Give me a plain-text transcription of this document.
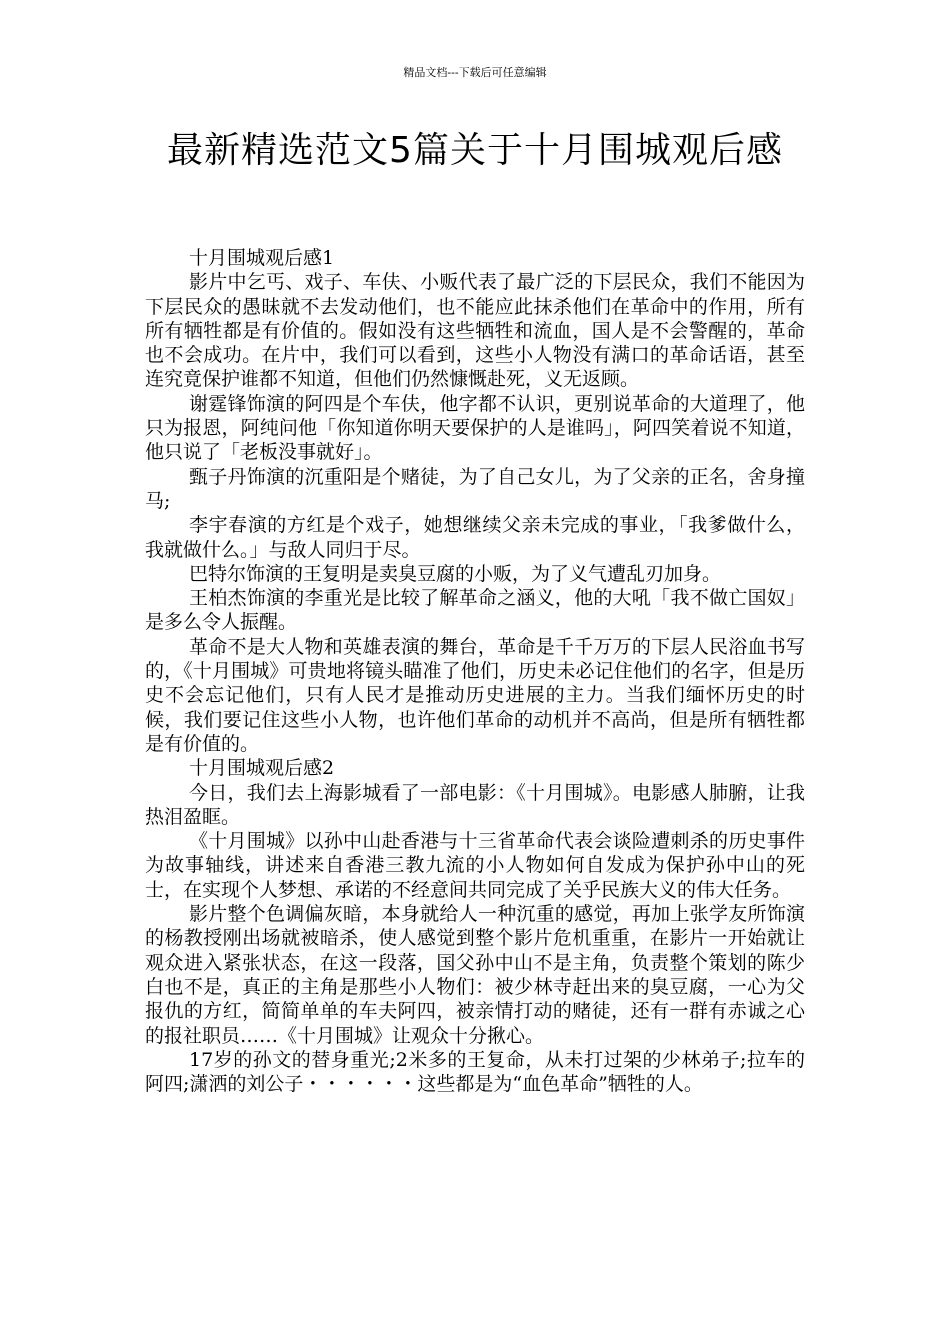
精品文档---下载后可任意编辑
最新精选范文5篇关于十月围城观后感

十月围城观后感1

影片中乞丐、戏子、车伕、小贩代表了最广泛的下层民众，我们不能因为下层民众的愚昧就不去发动他们，也不能应此抹杀他们在革命中的作用，所有所有牺牲都是有价值的。假如没有这些牺牲和流血，国人是不会警醒的，革命也不会成功。在片中，我们可以看到，这些小人物没有满口的革命话语，甚至连究竟保护谁都不知道，但他们仍然慷慨赴死，义无返顾。

谢霆锋饰演的阿四是个车伕，他字都不认识，更别说革命的大道理了，他只为报恩，阿纯问他「你知道你明天要保护的人是谁吗」，阿四笑着说不知道，他只说了「老板没事就好」。

甄子丹饰演的沉重阳是个赌徒，为了自己女儿，为了父亲的正名，舍身撞马;

李宇春演的方红是个戏子，她想继续父亲未完成的事业，「我爹做什么，我就做什么。」与敌人同归于尽。

巴特尔饰演的王复明是卖臭豆腐的小贩，为了义气遭乱刃加身。

王柏杰饰演的李重光是比较了解革命之涵义，他的大吼「我不做亡国奴」是多么令人振醒。

革命不是大人物和英雄表演的舞台，革命是千千万万的下层人民浴血书写的，《十月围城》可贵地将镜头瞄准了他们，历史未必记住他们的名字，但是历史不会忘记他们，只有人民才是推动历史进展的主力。当我们缅怀历史的时候，我们要记住这些小人物，也许他们革命的动机并不高尚，但是所有牺牲都是有价值的。

十月围城观后感2

今日，我们去上海影城看了一部电影：《十月围城》。电影感人肺腑，让我热泪盈眶。

《十月围城》以孙中山赴香港与十三省革命代表会谈险遭刺杀的历史事件为故事轴线，讲述来自香港三教九流的小人物如何自发成为保护孙中山的死士，在实现个人梦想、承诺的不经意间共同完成了关乎民族大义的伟大任务。

影片整个色调偏灰暗，本身就给人一种沉重的感觉，再加上张学友所饰演的杨教授刚出场就被暗杀，使人感觉到整个影片危机重重，在影片一开始就让观众进入紧张状态，在这一段落，国父孙中山不是主角，负责整个策划的陈少白也不是，真正的主角是那些小人物们：被少林寺赶出来的臭豆腐，一心为父报仇的方红，简简单单的车夫阿四，被亲情打动的赌徒，还有一群有赤诚之心的报社职员……《十月围城》让观众十分揪心。

17岁的孙文的替身重光;2米多的王复命，从未打过架的少林弟子;拉车的阿四;潇洒的刘公子・・・・・・这些都是为“血色革命”牺牲的人。
